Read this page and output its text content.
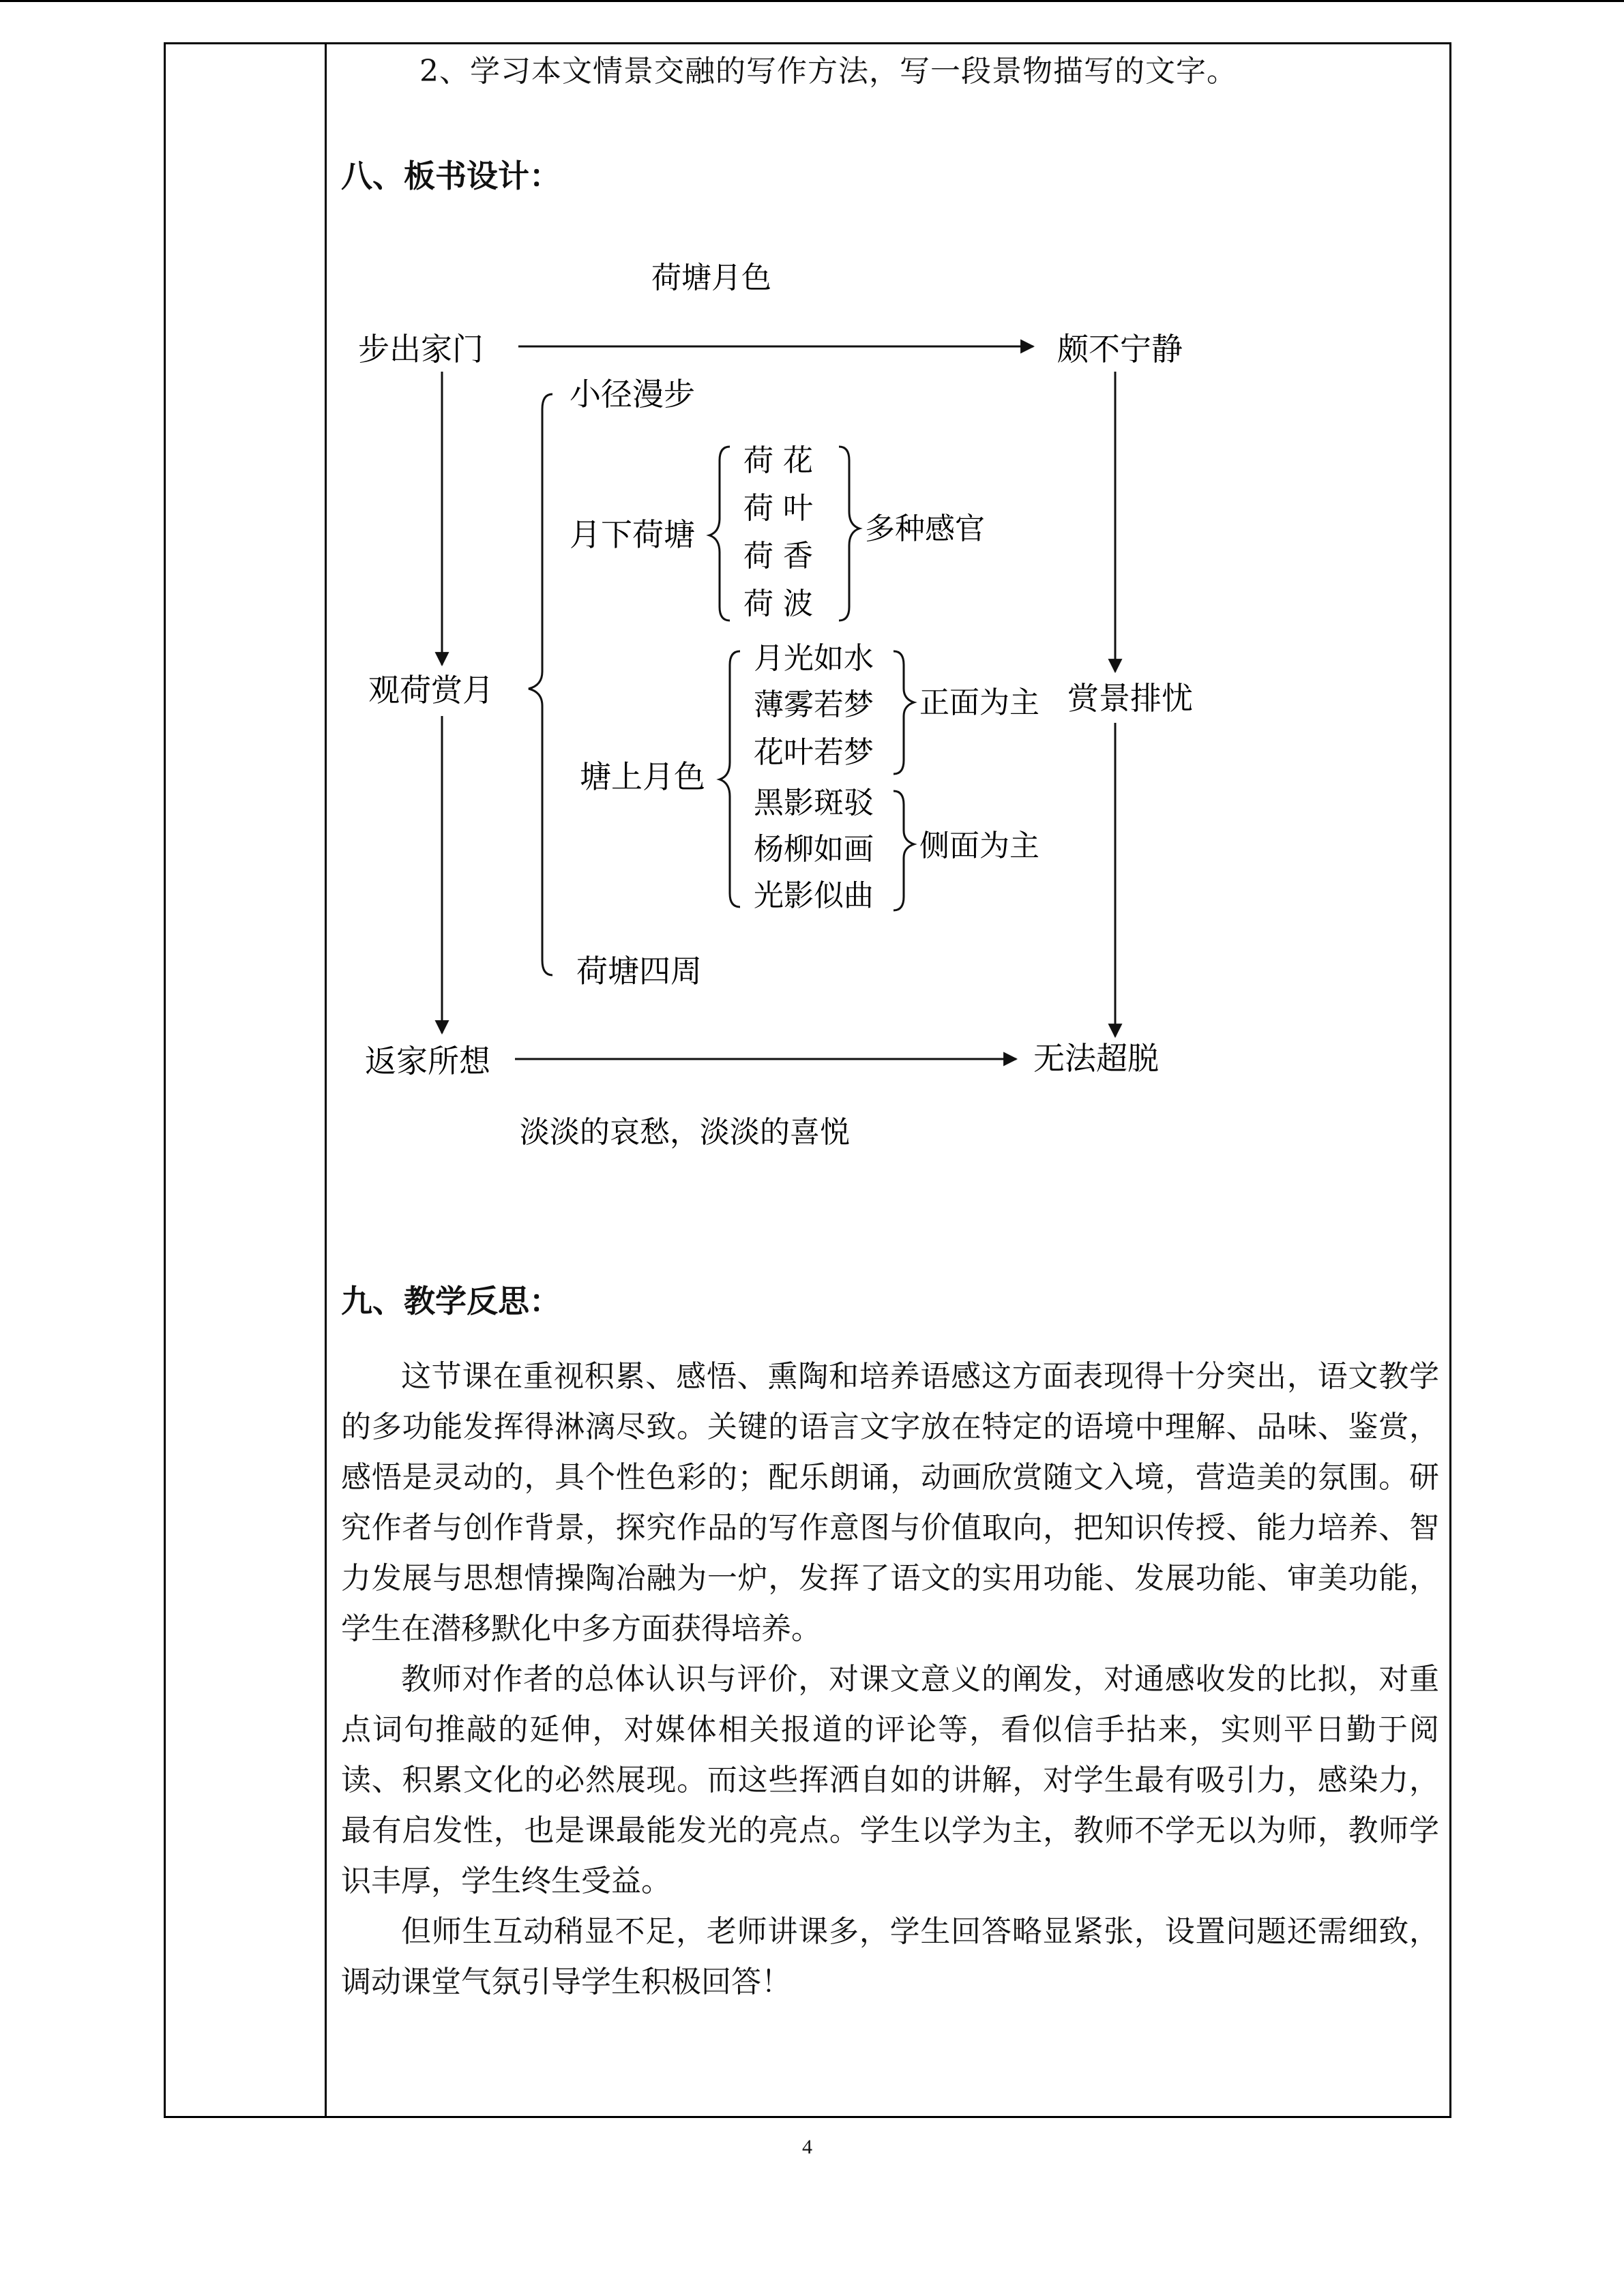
2、学习本文情景交融的写作方法，写一段景物描写的文字。
八、板书设计：
九、教学反思：

这节课在重视积累、感悟、熏陶和培养语感这方面表现得十分突出，语文教学的多功能发挥得淋漓尽致。关键的语言文字放在特定的语境中理解、品味、鉴赏，感悟是灵动的，具个性色彩的；配乐朗诵，动画欣赏随文入境，营造美的氛围。研究作者与创作背景，探究作品的写作意图与价值取向，把知识传授、能力培养、智力发展与思想情操陶冶融为一炉，发挥了语文的实用功能、发展功能、审美功能，学生在潜移默化中多方面获得培养。

教师对作者的总体认识与评价，对课文意义的阐发，对通感收发的比拟，对重点词句推敲的延伸，对媒体相关报道的评论等，看似信手拈来，实则平日勤于阅读、积累文化的必然展现。而这些挥洒自如的讲解，对学生最有吸引力，感染力，最有启发性，也是课最能发光的亮点。学生以学为主，教师不学无以为师，教师学识丰厚，学生终生受益。

但师生互动稍显不足，老师讲课多，学生回答略显紧张，设置问题还需细致，调动课堂气氛引导学生积极回答！

荷塘月色
步出家门
观荷赏月
返家所想
颇不宁静
赏景排忧
无法超脱
小径漫步
月下荷塘
塘上月色
荷塘四周
荷 花
荷 叶
荷 香
荷 波
多种感官
月光如水
薄雾若梦
花叶若梦
正面为主
黑影斑驳
杨柳如画
光影似曲
侧面为主
淡淡的哀愁，淡淡的喜悦
4
